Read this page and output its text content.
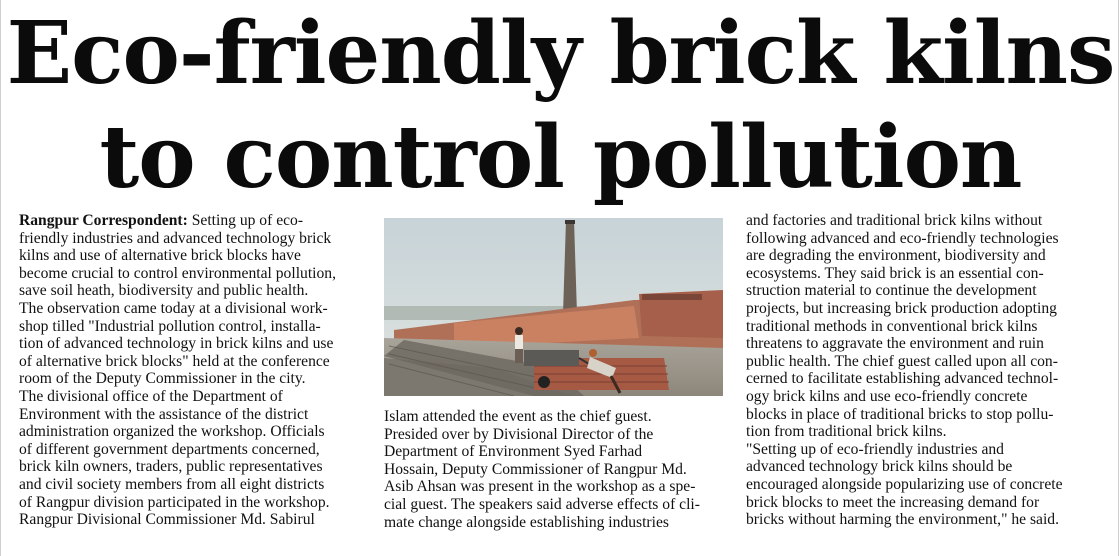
Eco-friendly brick kilns
to control pollution

Rangpur Correspondent: Setting up of eco-

friendly industries and advanced technology brick

kilns and use of alternative brick blocks have

become crucial to control environmental pollution,

save soil heath, biodiversity and public health.

The observation came today at a divisional work-

shop tilled "Industrial pollution control, installa-

tion of advanced technology in brick kilns and use

of alternative brick blocks" held at the conference

room of the Deputy Commissioner in the city.

The divisional office of the Department of

Environment with the assistance of the district

administration organized the workshop. Officials

of different government departments concerned,

brick kiln owners, traders, public representatives

and civil society members from all eight districts

of Rangpur division participated in the workshop.

Rangpur Divisional Commissioner Md. Sabirul

Islam attended the event as the chief guest.

Presided over by Divisional Director of the

Department of Environment Syed Farhad

Hossain, Deputy Commissioner of Rangpur Md.

Asib Ahsan was present in the workshop as a spe-

cial guest. The speakers said adverse effects of cli-

mate change alongside establishing industries

and factories and traditional brick kilns without

following advanced and eco-friendly technologies

are degrading the environment, biodiversity and

ecosystems. They said brick is an essential con-

struction material to continue the development

projects, but increasing brick production adopting

traditional methods in conventional brick kilns

threatens to aggravate the environment and ruin

public health. The chief guest called upon all con-

cerned to facilitate establishing advanced technol-

ogy brick kilns and use eco-friendly concrete

blocks in place of traditional bricks to stop pollu-

tion from traditional brick kilns.

"Setting up of eco-friendly industries and

advanced technology brick kilns should be

encouraged alongside popularizing use of concrete

brick blocks to meet the increasing demand for

bricks without harming the environment," he said.
